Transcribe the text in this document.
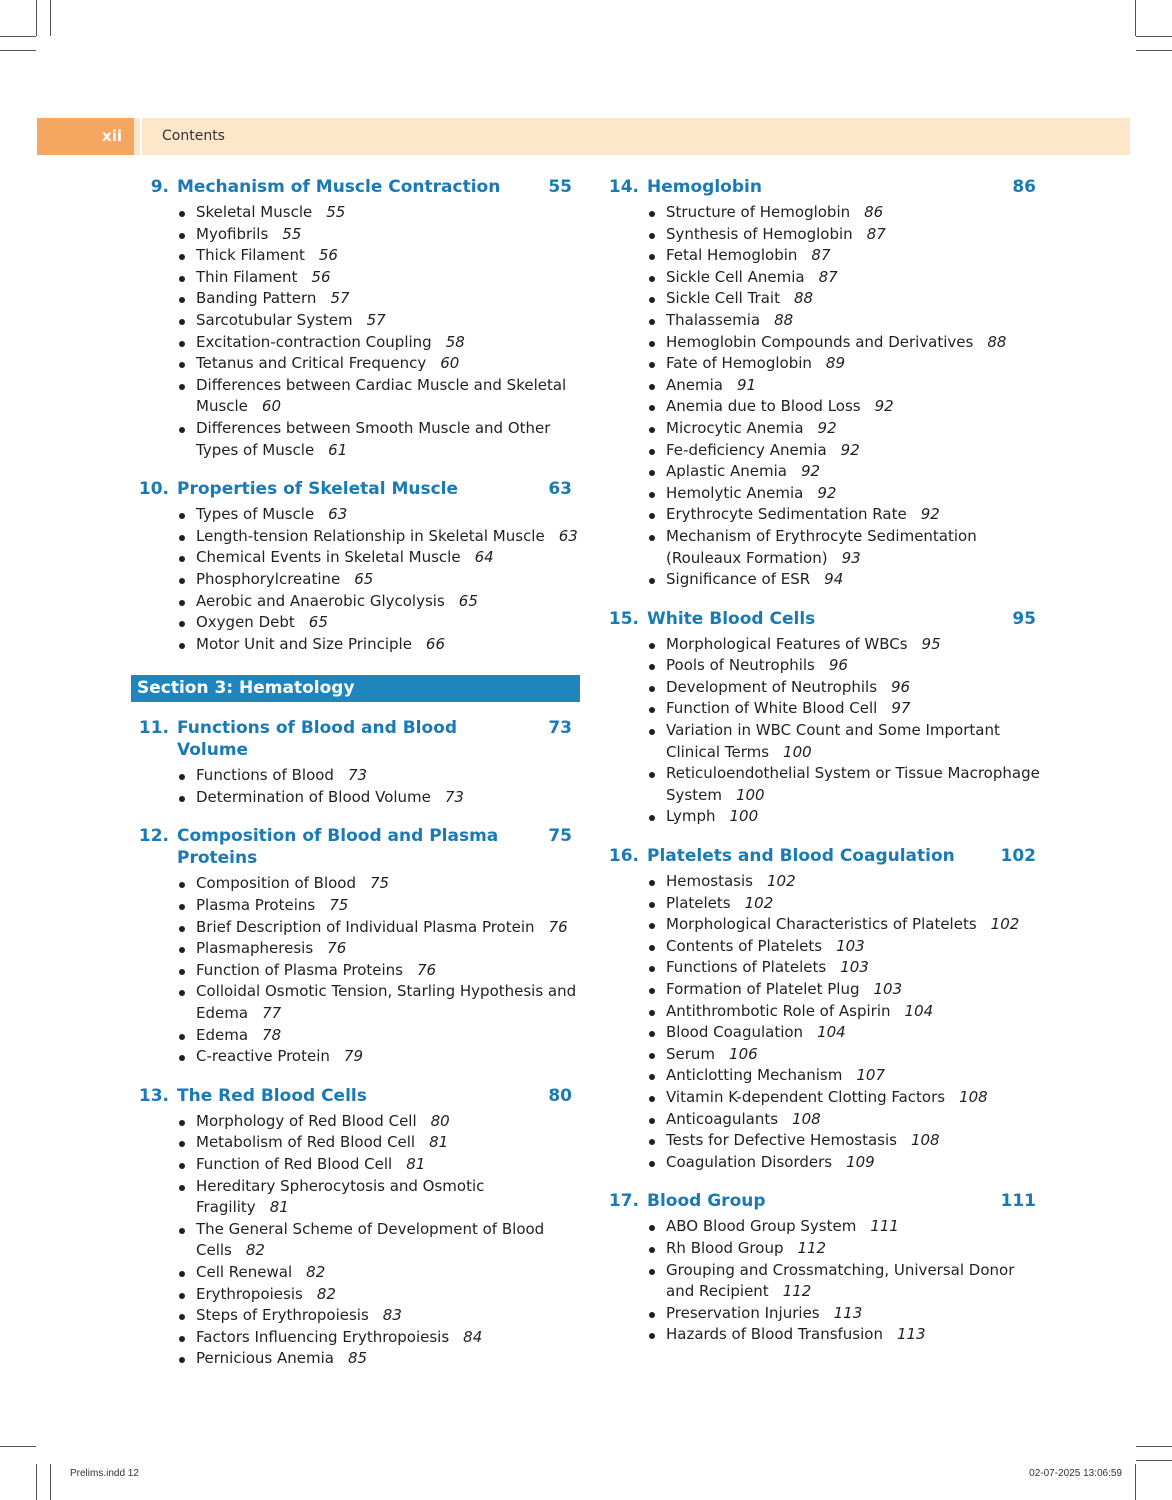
xii	Contents
9. Mechanism of Muscle Contraction	55
Skeletal Muscle 55
Myofibrils 55
Thick Filament 56
Thin Filament 56
Banding Pattern 57
Sarcotubular System 57
Excitation-contraction Coupling 58
Tetanus and Critical Frequency 60
Differences between Cardiac Muscle and Skeletal Muscle 60
Differences between Smooth Muscle and Other Types of Muscle 61
10. Properties of Skeletal Muscle	63
Types of Muscle 63
Length-tension Relationship in Skeletal Muscle 63
Chemical Events in Skeletal Muscle 64
Phosphorylcreatine 65
Aerobic and Anaerobic Glycolysis 65
Oxygen Debt 65
Motor Unit and Size Principle 66
Section 3: Hematology
11. Functions of Blood and Blood Volume
73
Functions of Blood 73
Determination of Blood Volume 73
12. Composition of Blood and Plasma Proteins
75
Composition of Blood 75
Plasma Proteins 75
Brief Description of Individual Plasma Protein 76
Plasmapheresis 76
Function of Plasma Proteins 76
Colloidal Osmotic Tension, Starling Hypothesis and Edema 77
Edema 78
C-reactive Protein 79
13. The Red Blood Cells	80
Morphology of Red Blood Cell 80
Metabolism of Red Blood Cell 81
Function of Red Blood Cell 81
Hereditary Spherocytosis and Osmotic Fragility 81
The General Scheme of Development of Blood Cells 82
Cell Renewal 82
Erythropoiesis 82
Steps of Erythropoiesis 83
Factors Influencing Erythropoiesis 84
Pernicious Anemia 85
14. Hemoglobin	86
Structure of Hemoglobin 86
Synthesis of Hemoglobin 87
Fetal Hemoglobin 87
Sickle Cell Anemia 87
Sickle Cell Trait 88
Thalassemia 88
Hemoglobin Compounds and Derivatives 88
Fate of Hemoglobin 89
Anemia 91
Anemia due to Blood Loss 92
Microcytic Anemia 92
Fe-deficiency Anemia 92
Aplastic Anemia 92
Hemolytic Anemia 92
Erythrocyte Sedimentation Rate 92
Mechanism of Erythrocyte Sedimentation (Rouleaux Formation) 93
Significance of ESR 94
15. White Blood Cells	95
Morphological Features of WBCs 95
Pools of Neutrophils 96
Development of Neutrophils 96
Function of White Blood Cell 97
Variation in WBC Count and Some Important Clinical Terms 100
Reticuloendothelial System or Tissue Macrophage System 100
Lymph 100
16. Platelets and Blood Coagulation	102
Hemostasis 102
Platelets 102
Morphological Characteristics of Platelets 102
Contents of Platelets 103
Functions of Platelets 103
Formation of Platelet Plug 103
Antithrombotic Role of Aspirin 104
Blood Coagulation 104
Serum 106
Anticlotting Mechanism 107
Vitamin K-dependent Clotting Factors 108
Anticoagulants 108
Tests for Defective Hemostasis 108
Coagulation Disorders 109
17. Blood Group	111
ABO Blood Group System 111
Rh Blood Group 112
Grouping and Crossmatching, Universal Donor and Recipient 112
Preservation Injuries 113
Hazards of Blood Transfusion 113
Prelims.indd 12	02-07-2025 13:06:59
